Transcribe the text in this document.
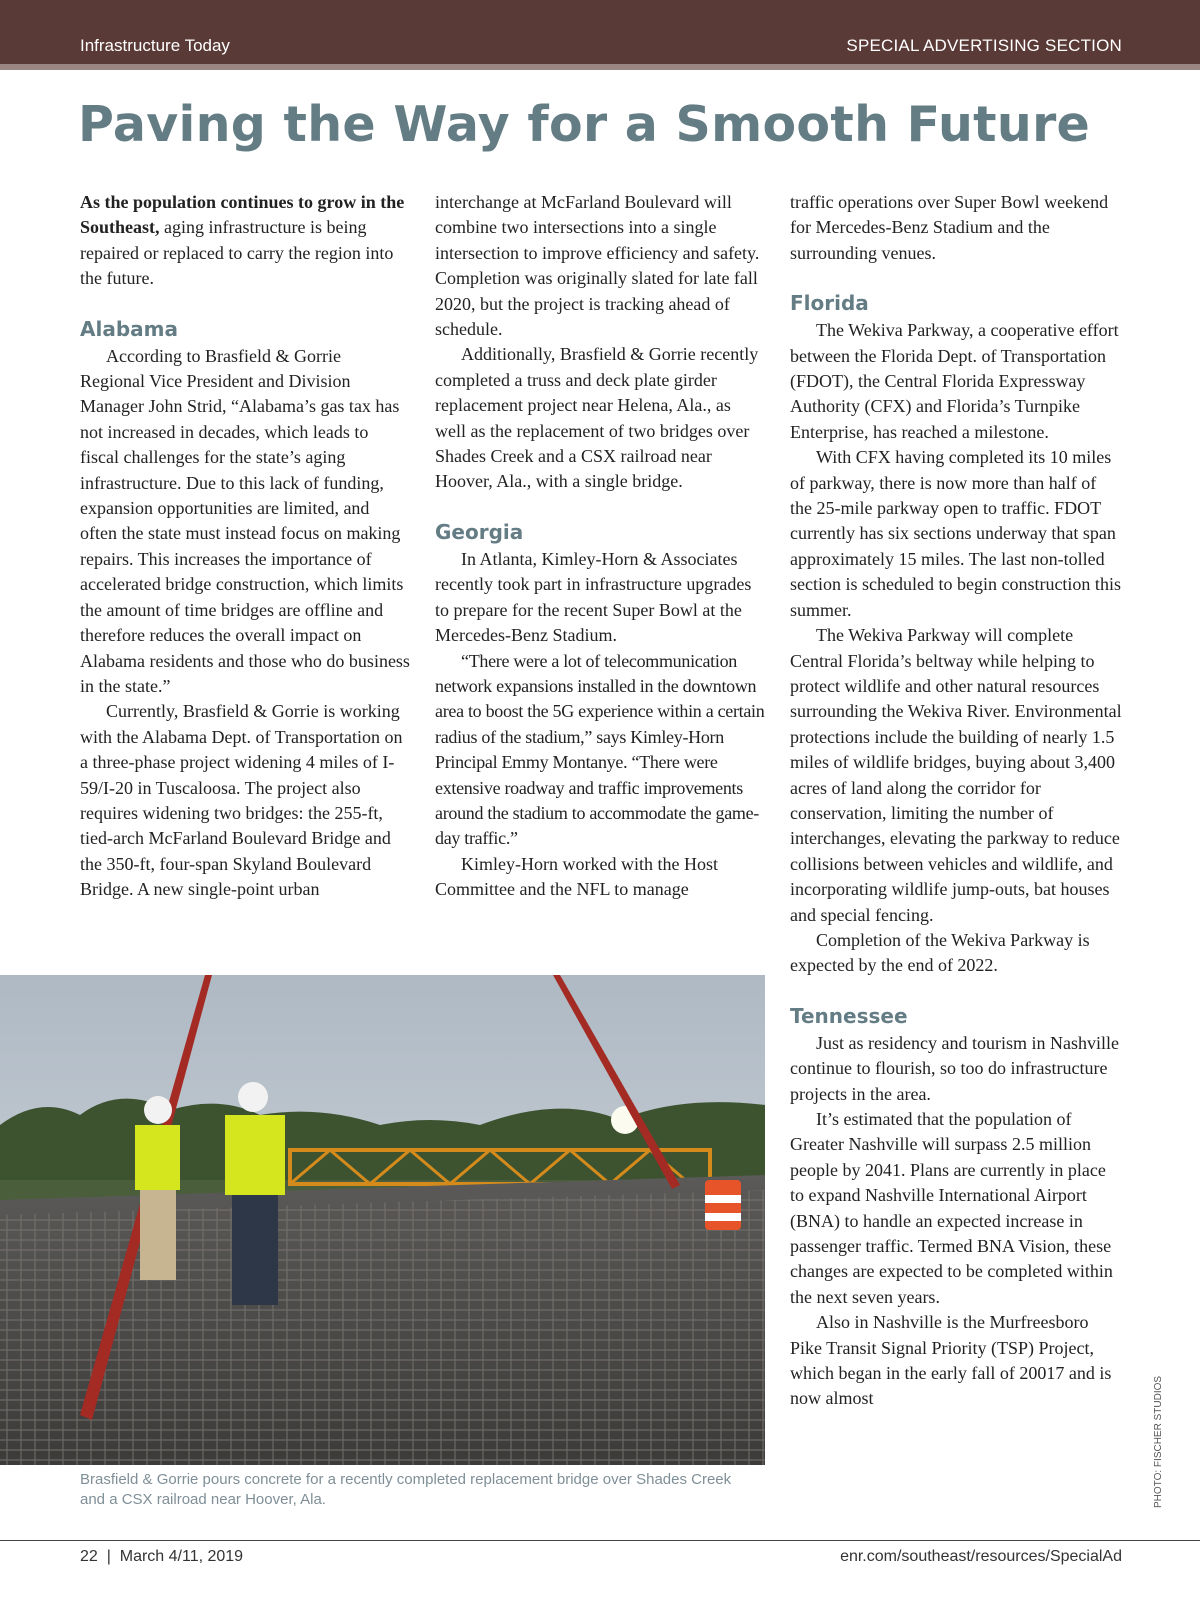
Infrastructure Today	SPECIAL ADVERTISING SECTION
Paving the Way for a Smooth Future

As the population continues to grow in the Southeast, aging infrastructure is being repaired or replaced to carry the region into the future.

Alabama

According to Brasfield & Gorrie Regional Vice President and Division Manager John Strid, “Alabama’s gas tax has not increased in decades, which leads to fiscal challenges for the state’s aging infrastructure. Due to this lack of funding, expansion opportunities are limited, and often the state must instead focus on making repairs. This increases the importance of accelerated bridge construction, which limits the amount of time bridges are offline and therefore reduces the overall impact on Alabama residents and those who do business in the state.”

Currently, Brasfield & Gorrie is working with the Alabama Dept. of Transportation on a three-phase project widening 4 miles of I-59/I-20 in Tuscaloosa. The project also requires widening two bridges: the 255-ft, tied-arch McFarland Boulevard Bridge and the 350-ft, four-span Skyland Boulevard Bridge. A new single-point urban

interchange at McFarland Boulevard will combine two intersections into a single intersection to improve efficiency and safety. Completion was originally slated for late fall 2020, but the project is tracking ahead of schedule.

Additionally, Brasfield & Gorrie recently completed a truss and deck plate girder replacement project near Helena, Ala., as well as the replacement of two bridges over Shades Creek and a CSX railroad near Hoover, Ala., with a single bridge.

Georgia

In Atlanta, Kimley-Horn & Associates recently took part in infrastructure upgrades to prepare for the recent Super Bowl at the Mercedes-Benz Stadium.

“There were a lot of telecommunication network expansions installed in the downtown area to boost the 5G experience within a certain radius of the stadium,” says Kimley-Horn Principal Emmy Montanye. “There were extensive roadway and traffic improvements around the stadium to accommodate the game-day traffic.”

Kimley-Horn worked with the Host Committee and the NFL to manage

traffic operations over Super Bowl weekend for Mercedes-Benz Stadium and the surrounding venues.

Florida

The Wekiva Parkway, a cooperative effort between the Florida Dept. of Transportation (FDOT), the Central Florida Expressway Authority (CFX) and Florida’s Turnpike Enterprise, has reached a milestone.

With CFX having completed its 10 miles of parkway, there is now more than half of the 25-mile parkway open to traffic. FDOT currently has six sections underway that span approximately 15 miles. The last non-tolled section is scheduled to begin construction this summer.

The Wekiva Parkway will complete Central Florida’s beltway while helping to protect wildlife and other natural resources surrounding the Wekiva River. Environmental protections include the building of nearly 1.5 miles of wildlife bridges, buying about 3,400 acres of land along the corridor for conservation, limiting the number of interchanges, elevating the parkway to reduce collisions between vehicles and wildlife, and incorporating wildlife jump-outs, bat houses and special fencing.

Completion of the Wekiva Parkway is expected by the end of 2022.

Tennessee

Just as residency and tourism in Nashville continue to flourish, so too do infrastructure projects in the area.

It’s estimated that the population of Greater Nashville will surpass 2.5 million people by 2041. Plans are currently in place to expand Nashville International Airport (BNA) to handle an expected increase in passenger traffic. Termed BNA Vision, these changes are expected to be completed within the next seven years.

Also in Nashville is the Murfreesboro Pike Transit Signal Priority (TSP) Project, which began in the early fall of 20017 and is now almost

Brasfield & Gorrie pours concrete for a recently completed replacement bridge over Shades Creek and a CSX railroad near Hoover, Ala.	PHOTO: FISCHER STUDIOS
22  |  March 4/11, 2019	enr.com/southeast/resources/SpecialAd
